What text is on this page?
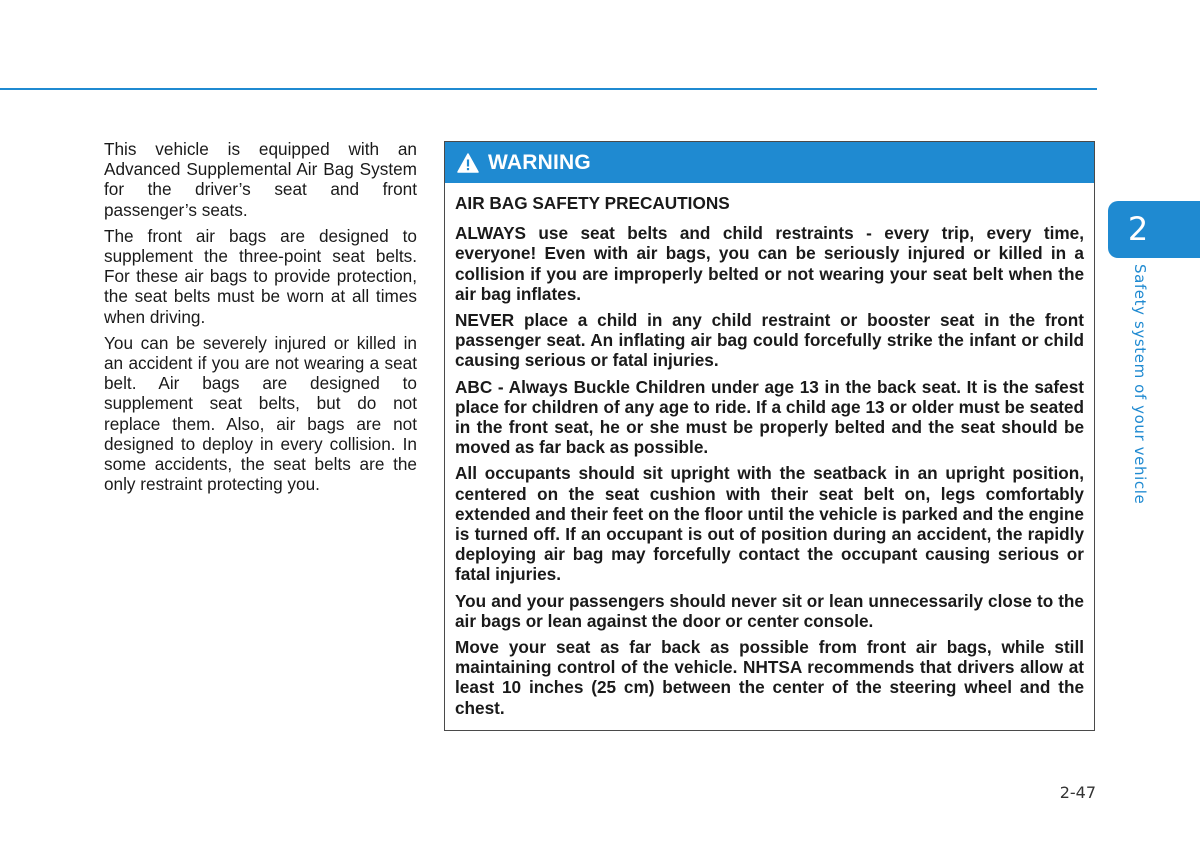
This vehicle is equipped with an Advanced Supplemental Air Bag System for the driver’s seat and front passenger’s seats.

The front air bags are designed to supplement the three-point seat belts. For these air bags to provide protection, the seat belts must be worn at all times when driving.

You can be severely injured or killed in an accident if you are not wearing a seat belt. Air bags are designed to supplement seat belts, but do not replace them. Also, air bags are not designed to deploy in every collision. In some accidents, the seat belts are the only restraint protecting you.

WARNING

AIR BAG SAFETY PRECAUTIONS

ALWAYS use seat belts and child restraints - every trip, every time, everyone! Even with air bags, you can be seriously injured or killed in a collision if you are improperly belted or not wearing your seat belt when the air bag inflates.

NEVER place a child in any child restraint or booster seat in the front passenger seat. An inflating air bag could forcefully strike the infant or child causing serious or fatal injuries.

ABC - Always Buckle Children under age 13 in the back seat. It is the safest place for children of any age to ride. If a child age 13 or older must be seated in the front seat, he or she must be properly belted and the seat should be moved as far back as possible.

All occupants should sit upright with the seatback in an upright position, centered on the seat cushion with their seat belt on, legs comfortably extended and their feet on the floor until the vehicle is parked and the engine is turned off. If an occupant is out of position during an accident, the rapidly deploying air bag may forcefully contact the occupant causing serious or fatal injuries.

You and your passengers should never sit or lean unnecessarily close to the air bags or lean against the door or center console.

Move your seat as far back as possible from front air bags, while still maintaining control of the vehicle. NHTSA recommends that drivers allow at least 10 inches (25 cm) between the center of the steering wheel and the chest.

2
Safety system of your vehicle
2-47
